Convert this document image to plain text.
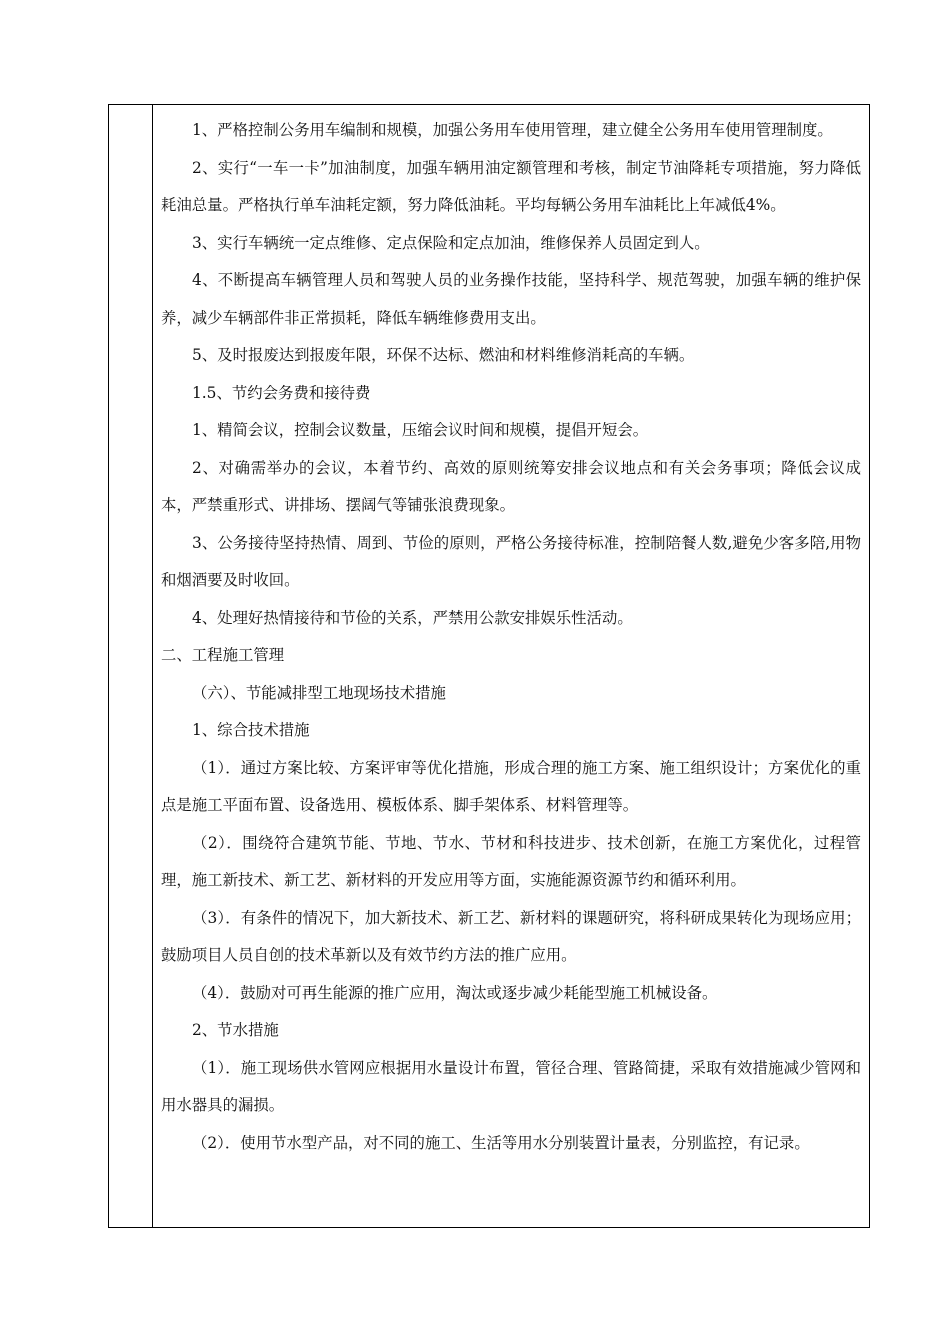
1、严格控制公务用车编制和规模，加强公务用车使用管理，建立健全公务用车使用管理制度。

2、实行“一车一卡”加油制度，加强车辆用油定额管理和考核，制定节油降耗专项措施，努力降低耗油总量。严格执行单车油耗定额，努力降低油耗。平均每辆公务用车油耗比上年减低4%。

3、实行车辆统一定点维修、定点保险和定点加油，维修保养人员固定到人。

4、不断提高车辆管理人员和驾驶人员的业务操作技能，坚持科学、规范驾驶，加强车辆的维护保养，减少车辆部件非正常损耗，降低车辆维修费用支出。

5、及时报废达到报废年限，环保不达标、燃油和材料维修消耗高的车辆。

1.5、节约会务费和接待费

1、精简会议，控制会议数量，压缩会议时间和规模，提倡开短会。

2、对确需举办的会议，本着节约、高效的原则统筹安排会议地点和有关会务事项；降低会议成本，严禁重形式、讲排场、摆阔气等铺张浪费现象。

3、公务接待坚持热情、周到、节俭的原则，严格公务接待标准，控制陪餐人数,避免少客多陪,用物和烟酒要及时收回。

4、处理好热情接待和节俭的关系，严禁用公款安排娱乐性活动。

二、工程施工管理

（六）、节能减排型工地现场技术措施

1、综合技术措施

（1）．通过方案比较、方案评审等优化措施，形成合理的施工方案、施工组织设计；方案优化的重点是施工平面布置、设备选用、模板体系、脚手架体系、材料管理等。

（2）．围绕符合建筑节能、节地、节水、节材和科技进步、技术创新，在施工方案优化，过程管理，施工新技术、新工艺、新材料的开发应用等方面，实施能源资源节约和循环利用。

（3）．有条件的情况下，加大新技术、新工艺、新材料的课题研究，将科研成果转化为现场应用；鼓励项目人员自创的技术革新以及有效节约方法的推广应用。

（4）．鼓励对可再生能源的推广应用，淘汰或逐步减少耗能型施工机械设备。

2、节水措施

（1）．施工现场供水管网应根据用水量设计布置，管径合理、管路简捷，采取有效措施减少管网和用水器具的漏损。

（2）．使用节水型产品，对不同的施工、生活等用水分别装置计量表，分别监控，有记录。
